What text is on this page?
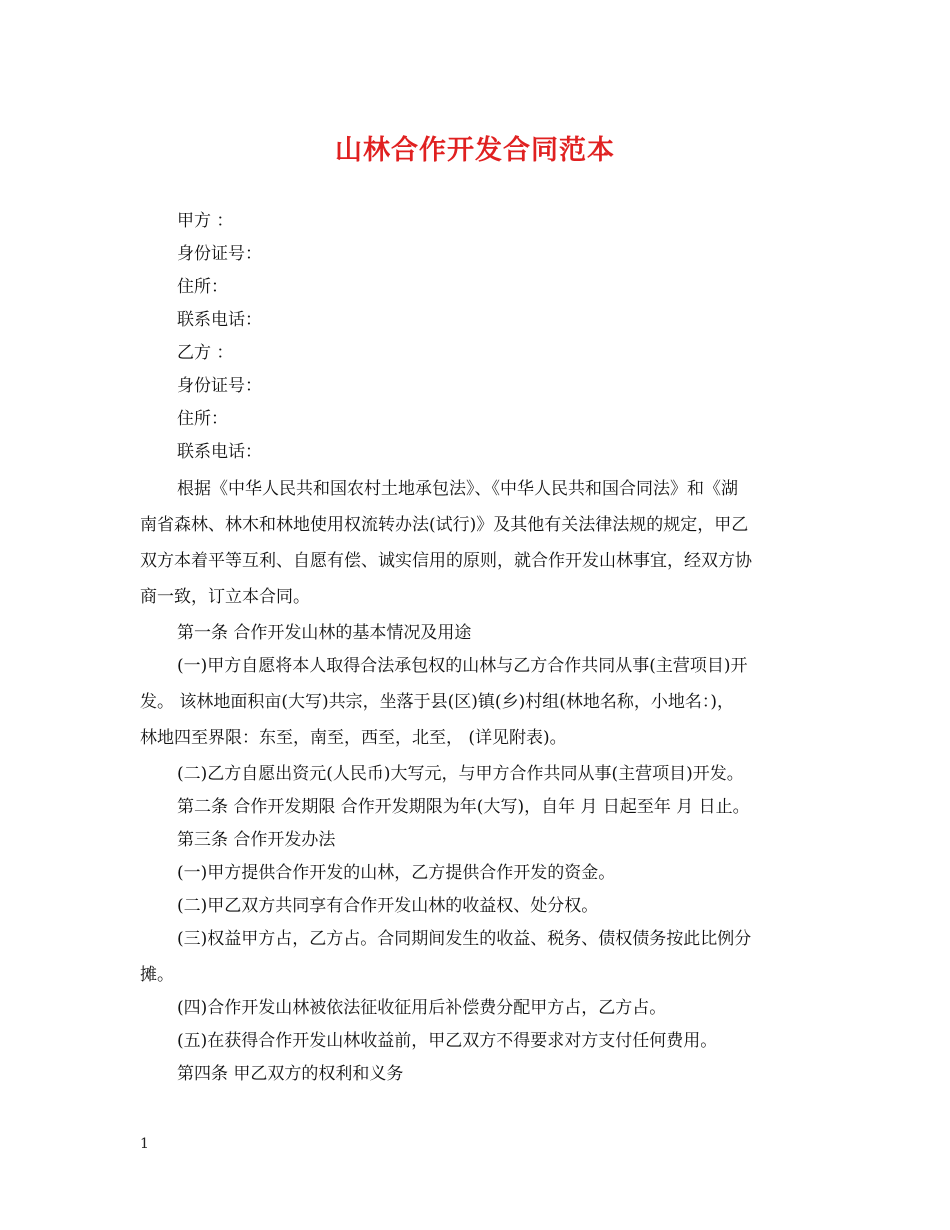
山林合作开发合同范本
甲方 ：
身份证号：
住所：
联系电话：
乙方 ：
身份证号：
住所：
联系电话：
根据《中华人民共和国农村土地承包法》、《中华人民共和国合同法》和《湖
南省森林、林木和林地使用权流转办法(试行)》及其他有关法律法规的规定，甲乙
双方本着平等互利、自愿有偿、诚实信用的原则，就合作开发山林事宜，经双方协
商一致，订立本合同。
第一条 合作开发山林的基本情况及用途
(一)甲方自愿将本人取得合法承包权的山林与乙方合作共同从事(主营项目)开
发。 该林地面积亩(大写)共宗，坐落于县(区)镇(乡)村组(林地名称，小地名：)，
林地四至界限：东至，南至，西至，北至， (详见附表)。
(二)乙方自愿出资元(人民币)大写元，与甲方合作共同从事(主营项目)开发。
第二条 合作开发期限 合作开发期限为年(大写)，自年 月 日起至年 月 日止。
第三条 合作开发办法
(一)甲方提供合作开发的山林，乙方提供合作开发的资金。
(二)甲乙双方共同享有合作开发山林的收益权、处分权。
(三)权益甲方占，乙方占。合同期间发生的收益、税务、债权债务按此比例分
摊。
(四)合作开发山林被依法征收征用后补偿费分配甲方占，乙方占。
(五)在获得合作开发山林收益前，甲乙双方不得要求对方支付任何费用。
第四条 甲乙双方的权利和义务
1
